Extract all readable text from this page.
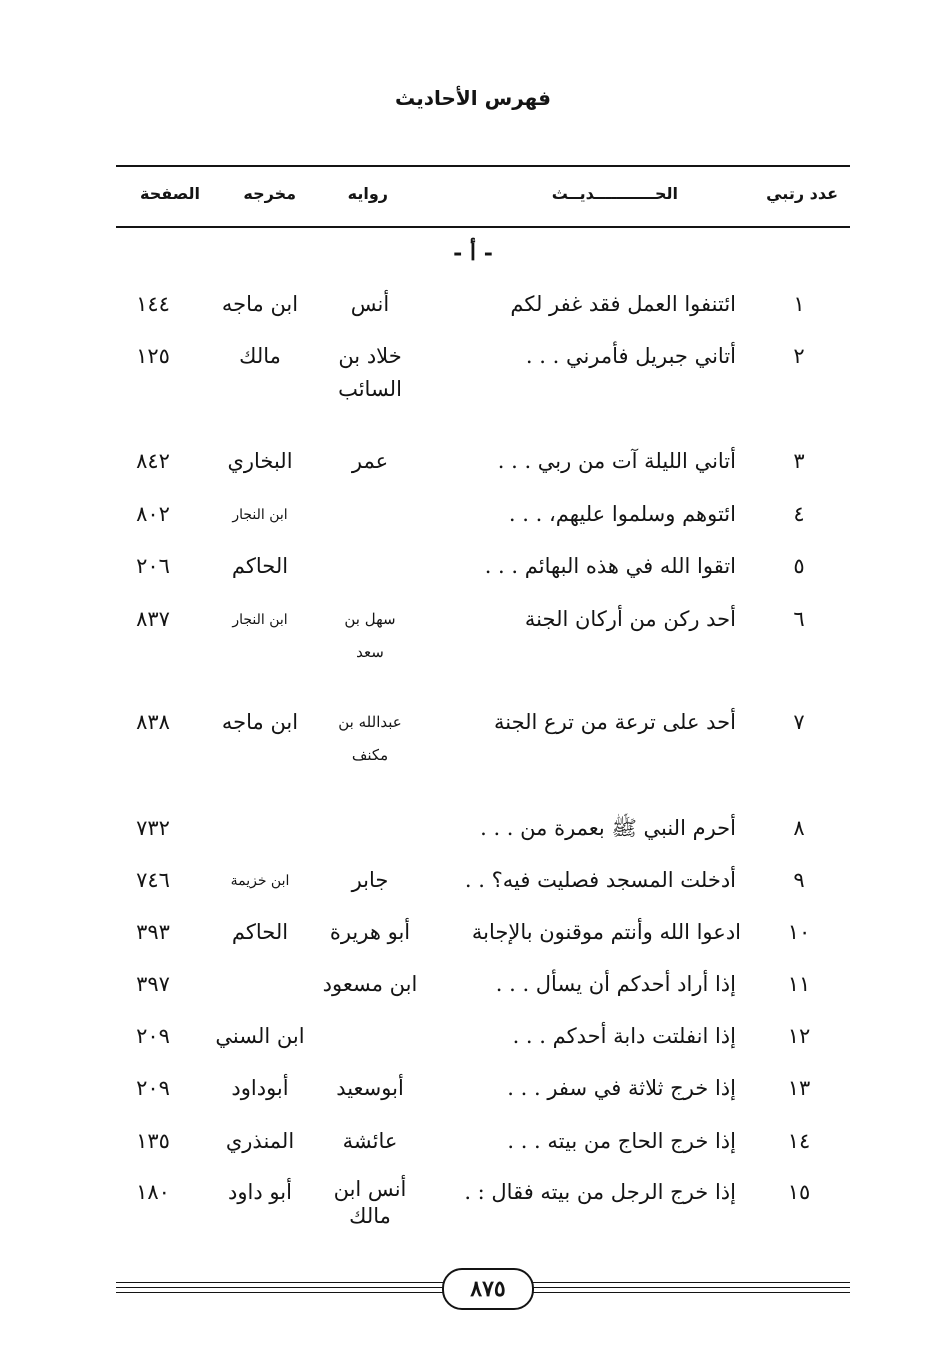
فهرس الأحاديث
عدد رتبي
الحـــــــــــديــث
روايه
مخرجه
الصفحة
- أ -
١
ائتنفوا العمل فقد غفر لكم
أنس
ابن ماجه
١٤٤
٢
أتاني جبريل فأمرني . . .
خلاد بن السائب
مالك
١٢٥
٣
أتاني الليلة آت من ربي . . .
عمر
البخاري
٨٤٢
٤
ائتوهم وسلموا عليهم، . . .
ابن النجار
٨٠٢
٥
اتقوا الله في هذه البهائم . . .
الحاكم
٢٠٦
٦
أحد ركن من أركان الجنة
سهل بن سعد
ابن النجار
٨٣٧
٧
أحد على ترعة من ترع الجنة
عبدالله بن مكنف
ابن ماجه
٨٣٨
٨
أحرم النبي ﷺ بعمرة من . . .
٧٣٢
٩
أدخلت المسجد فصليت فيه؟ . .
جابر
ابن خزيمة
٧٤٦
١٠
ادعوا الله وأنتم موقنون بالإجابة
أبو هريرة
الحاكم
٣٩٣
١١
إذا أراد أحدكم أن يسأل . . .
ابن مسعود
٣٩٧
١٢
إذا انفلتت دابة أحدكم . . .
ابن السني
٢٠٩
١٣
إذا خرج ثلاثة في سفر . . .
أبوسعيد
أبوداود
٢٠٩
١٤
إذا خرج الحاج من بيته . . .
عائشة
المنذري
١٣٥
١٥
إذا خرج الرجل من بيته فقال : .
أنس ابن مالك
أبو داود
١٨٠
٨٧٥
